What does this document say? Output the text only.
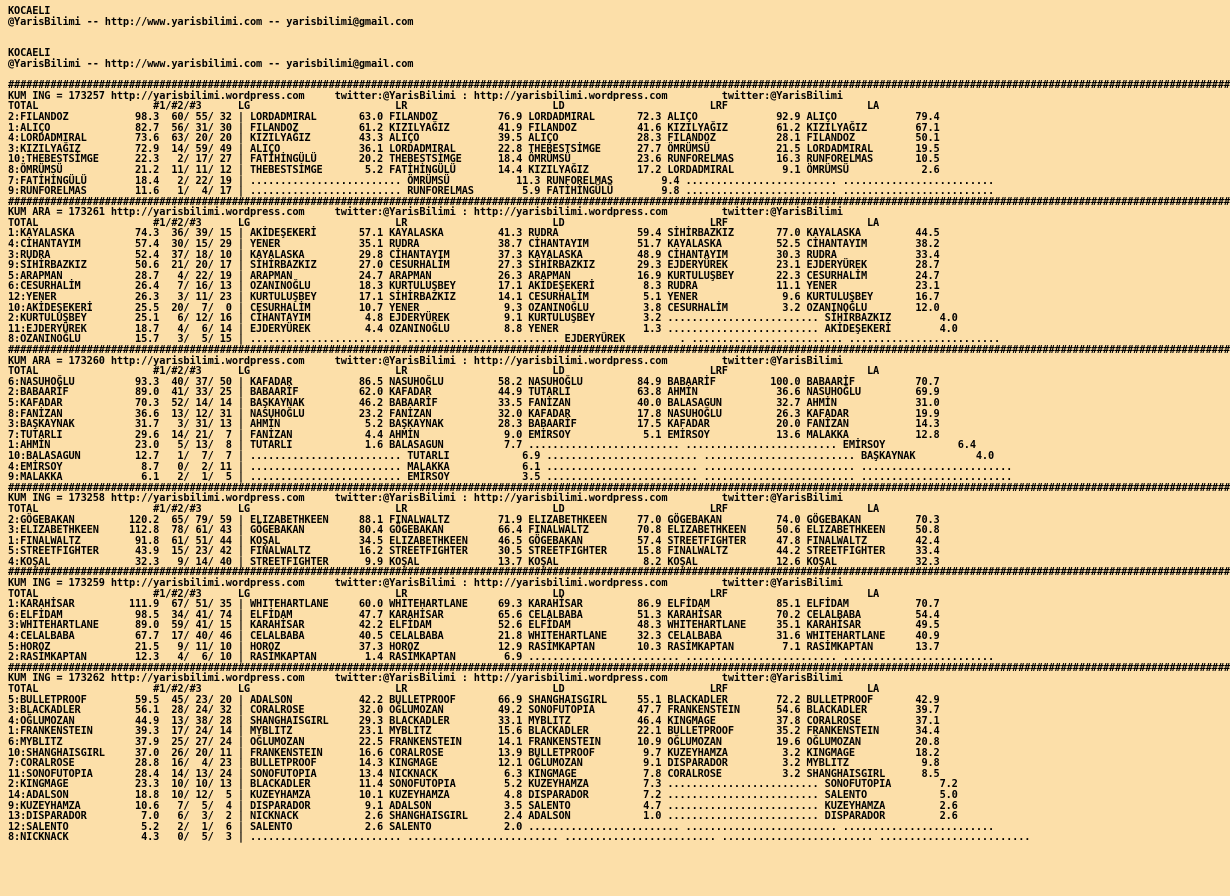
KOCAELI
@YarisBilimi -- http://www.yarisbilimi.com -- yarisbilimi@gmail.com
KOCAELI
@YarisBilimi -- http://www.yarisbilimi.com -- yarisbilimi@gmail.com
##########################################################################################################################################################################################################
KUM ING = 173257 http://yarisbilimi.wordpress.com     twitter:@YarisBilimi : http://yarisbilimi.wordpress.com         twitter:@YarisBilimi
TOTAL                   #1/#2/#3      LG                        LR                        LD                        LRF                       LA
2:FILANDOZ           98.3  60/ 55/ 32 | LORDADMIRAL       63.0 FILANDOZ          76.9 LORDADMIRAL       72.3 ALIÇO             92.9 ALIÇO             79.4
1:ALIÇO              82.7  56/ 31/ 30 | FILANDOZ          61.2 KIZILYAĞIZ        41.9 FILANDOZ          41.6 KIZILYAĞIZ        61.2 KIZILYAĞIZ        67.1
4:LORDADMIRAL        73.6  63/ 20/ 20 | KIZILYAĞIZ        43.3 ALIÇO             39.5 ALIÇO             28.3 FILANDOZ          28.1 FILANDOZ          50.1
3:KIZILYAĞIZ         72.9  14/ 59/ 49 | ALIÇO             36.1 LORDADMIRAL       22.8 THEBESTSİMGE      27.7 ÖMRÜMSÜ           21.5 LORDADMIRAL       19.5
10:THEBESTSİMGE      22.3   2/ 17/ 27 | FATİHİNGÜLÜ       20.2 THEBESTSİMGE      18.4 ÖMRÜMSÜ           23.6 RUNFORELMAS       16.3 RUNFORELMAS       10.5
8:ÖMRÜMSÜ            21.2  11/ 11/ 12 | THEBESTSİMGE       5.2 FATİHİNGÜLÜ       14.4 KIZILYAĞIZ        17.2 LORDADMIRAL        9.1 ÖMRÜMSÜ            2.6
7:FATİHİNGÜLÜ        18.4   2/ 22/ 19 | ......................... ÖMRÜMSÜ           11.3 RUNFORELMAS        9.4 ......................... .........................
9:RUNFORELMAS        11.6   1/  4/ 17 | ......................... RUNFORELMAS        5.9 FATİHİNGÜLÜ        9.8 ......................... .........................
##########################################################################################################################################################################################################
KUM ARA = 173261 http://yarisbilimi.wordpress.com     twitter:@YarisBilimi : http://yarisbilimi.wordpress.com         twitter:@YarisBilimi
TOTAL                   #1/#2/#3      LG                        LR                        LD                        LRF                       LA
1:KAYALASKA          74.3  36/ 39/ 15 | AKİDEŞEKERİ       57.1 KAYALASKA         41.3 RUDRA             59.4 SİHİRBAZKIZ       77.0 KAYALASKA         44.5
4:CİHANTAYIM         57.4  30/ 15/ 29 | YENER             35.1 RUDRA             38.7 CİHANTAYIM        51.7 KAYALASKA         52.5 CİHANTAYIM        38.2
3:RUDRA              52.4  37/ 18/ 10 | KAYALASKA         29.8 CİHANTAYIM        37.3 KAYALASKA         48.9 CİHANTAYIM        30.3 RUDRA             33.4
9:SİHİRBAZKIZ        50.6  21/ 20/ 17 | SİHİRBAZKIZ       27.0 CESURHALİM        27.3 SİHİRBAZKIZ       29.3 EJDERYÜREK        23.1 EJDERYÜREK        28.7
5:ARAPMAN            28.7   4/ 22/ 19 | ARAPMAN           24.7 ARAPMAN           26.3 ARAPMAN           16.9 KURTULUŞBEY       22.3 CESURHALİM        24.7
6:CESURHALİM         26.4   7/ 16/ 13 | OZANINOĞLU        18.3 KURTULUŞBEY       17.1 AKİDEŞEKERİ        8.3 RUDRA             11.1 YENER             23.1
12:YENER             26.3   3/ 11/ 23 | KURTULUŞBEY       17.1 SİHİRBAZKIZ       14.1 CESURHALİM         5.1 YENER              9.6 KURTULUŞBEY       16.7
10:AKİDEŞEKERİ       25.5  20/  7/  0 | CESURHALİM        10.7 YENER              9.3 OZANINOĞLU         3.8 CESURHALİM         3.2 OZANINOĞLU        12.0
2:KURTULUŞBEY        25.1   6/ 12/ 16 | CİHANTAYIM         4.8 EJDERYÜREK         9.1 KURTULUŞBEY        3.2 ......................... SİHİRBAZKIZ        4.0
11:EJDERYÜREK        18.7   4/  6/ 14 | EJDERYÜREK         4.4 OZANINOĞLU         8.8 YENER              1.3 ......................... AKİDEŞEKERİ        4.0
8:OZANINOĞLU         15.7   3/  5/ 15 | ......................... ......................... EJDERYÜREK         . ......................... .........................
##########################################################################################################################################################################################################
KUM ARA = 173260 http://yarisbilimi.wordpress.com     twitter:@YarisBilimi : http://yarisbilimi.wordpress.com         twitter:@YarisBilimi
TOTAL                   #1/#2/#3      LG                        LR                        LD                        LRF                       LA
6:NASUHOĞLU          93.3  40/ 37/ 50 | KAFADAR           86.5 NASUHOĞLU         58.2 NASUHOĞLU         84.9 BABAARİF         100.0 BABAARİF          70.7
2:BABAARİF           89.0  41/ 33/ 25 | BABAARİF          62.0 KAFADAR           44.9 TUTARLI           63.8 AHMİN             36.6 NASUHOĞLU         69.9
5:KAFADAR            70.3  52/ 14/ 14 | BAŞKAYNAK         46.2 BABAARİF          33.5 FANİZAN           40.0 BALASAGUN         32.7 AHMİN             31.0
8:FANİZAN            36.6  13/ 12/ 31 | NASUHOĞLU         23.2 FANİZAN           32.0 KAFADAR           17.8 NASUHOĞLU         26.3 KAFADAR           19.9
3:BAŞKAYNAK          31.7   3/ 31/ 13 | AHMİN              5.2 BAŞKAYNAK         28.3 BABAARİF          17.5 KAFADAR           20.0 FANİZAN           14.3
7:TUTARLI            29.6  14/ 21/  7 | FANİZAN            4.4 AHMİN              9.0 EMİRSOY            5.1 EMİRSOY           13.6 MALAKKA           12.8
1:AHMİN              23.0   5/ 13/  8 | TUTARLI            1.6 BALASAGUN          7.7 ......................... ......................... EMİRSOY            6.4
10:BALASAGUN         12.7   1/  7/  7 | ......................... TUTARLI            6.9 ......................... ......................... BAŞKAYNAK          4.0
4:EMİRSOY             8.7   0/  2/ 11 | ......................... MALAKKA            6.1 ......................... ......................... .........................
9:MALAKKA             6.1   2/  1/  5 | ......................... EMİRSOY            3.5 ......................... ......................... .........................
##########################################################################################################################################################################################################
KUM ING = 173258 http://yarisbilimi.wordpress.com     twitter:@YarisBilimi : http://yarisbilimi.wordpress.com         twitter:@YarisBilimi
TOTAL                   #1/#2/#3      LG                        LR                        LD                        LRF                       LA
2:GÖGEBAKAN         120.2  65/ 79/ 59 | ELIZABETHKEEN     88.1 FINALWALTZ        71.9 ELIZABETHKEEN     77.0 GÖGEBAKAN         74.0 GÖGEBAKAN         70.3
3:ELIZABETHKEEN     112.8  78/ 61/ 43 | GÖGEBAKAN         80.4 GÖGEBAKAN         66.4 FINALWALTZ        70.8 ELIZABETHKEEN     50.6 ELIZABETHKEEN     50.8
1:FINALWALTZ         91.8  61/ 51/ 44 | KOŞAL             34.5 ELIZABETHKEEN     46.5 GÖGEBAKAN         57.4 STREETFIGHTER     47.8 FINALWALTZ        42.4
5:STREETFIGHTER      43.9  15/ 23/ 42 | FINALWALTZ        16.2 STREETFIGHTER     30.5 STREETFIGHTER     15.8 FINALWALTZ        44.2 STREETFIGHTER     33.4
4:KOŞAL              32.3   9/ 14/ 40 | STREETFIGHTER      9.9 KOŞAL             13.7 KOŞAL              8.2 KOŞAL             12.6 KOŞAL             32.3
##########################################################################################################################################################################################################
KUM ING = 173259 http://yarisbilimi.wordpress.com     twitter:@YarisBilimi : http://yarisbilimi.wordpress.com         twitter:@YarisBilimi
TOTAL                   #1/#2/#3      LG                        LR                        LD                        LRF                       LA
1:KARAHİSAR         111.9  67/ 51/ 35 | WHITEHARTLANE     60.0 WHITEHARTLANE     69.3 KARAHİSAR         86.9 ELFİDAM           85.1 ELFİDAM           70.7
6:ELFİDAM            98.5  34/ 41/ 74 | ELFİDAM           47.7 KARAHİSAR         65.6 CELALBABA         51.3 KARAHİSAR         70.2 CELALBABA         54.4
3:WHITEHARTLANE      89.0  59/ 41/ 15 | KARAHİSAR         42.2 ELFİDAM           52.6 ELFİDAM           48.3 WHITEHARTLANE     35.1 KARAHİSAR         49.5
4:CELALBABA          67.7  17/ 40/ 46 | CELALBABA         40.5 CELALBABA         21.8 WHITEHARTLANE     32.3 CELALBABA         31.6 WHITEHARTLANE     40.9
5:HOROZ              21.5   9/ 11/ 10 | HOROZ             37.3 HOROZ             12.9 RASİMKAPTAN       10.3 RASİMKAPTAN        7.1 RASİMKAPTAN       13.7
2:RASİMKAPTAN        12.3   4/  6/ 10 | RASİMKAPTAN        1.4 RASİMKAPTAN        6.9 ......................... ......................... .........................
##########################################################################################################################################################################################################
KUM ING = 173262 http://yarisbilimi.wordpress.com     twitter:@YarisBilimi : http://yarisbilimi.wordpress.com         twitter:@YarisBilimi
TOTAL                   #1/#2/#3      LG                        LR                        LD                        LRF                       LA
5:BULLETPROOF        59.5  45/ 23/ 20 | ADALSON           42.2 BULLETPROOF       66.9 SHANGHAISGIRL     55.1 BLACKADLER        72.2 BULLETPROOF       42.9
3:BLACKADLER         56.1  28/ 24/ 32 | CORALROSE         32.0 OĞLUMOZAN         49.2 SONOFUTOPIA       47.7 FRANKENSTEIN      54.6 BLACKADLER        39.7
4:OĞLUMOZAN          44.9  13/ 38/ 28 | SHANGHAISGIRL     29.3 BLACKADLER        33.1 MYBLITZ           46.4 KINGMAGE          37.8 CORALROSE         37.1
1:FRANKENSTEIN       39.3  17/ 24/ 14 | MYBLITZ           23.1 MYBLITZ           15.6 BLACKADLER        22.1 BULLETPROOF       35.2 FRANKENSTEIN      34.4
6:MYBLITZ            37.9  25/ 27/ 24 | OĞLUMOZAN         22.5 FRANKENSTEIN      14.1 FRANKENSTEIN      10.9 OĞLUMOZAN         19.6 OĞLUMOZAN         20.8
10:SHANGHAISGIRL     37.0  26/ 20/ 11 | FRANKENSTEIN      16.6 CORALROSE         13.9 BULLETPROOF        9.7 KUZEYHAMZA         3.2 KINGMAGE          18.2
7:CORALROSE          28.8  16/  4/ 23 | BULLETPROOF       14.3 KINGMAGE          12.1 OĞLUMOZAN          9.1 DISPARADOR         3.2 MYBLITZ            9.8
11:SONOFUTOPIA       28.4  14/ 13/ 24 | SONOFUTOPIA       13.4 NICKNACK           6.3 KINGMAGE           7.8 CORALROSE          3.2 SHANGHAISGIRL      8.5
2:KINGMAGE           23.3  10/ 10/ 13 | BLACKADLER        11.4 SONOFUTOPIA        5.2 KUZEYHAMZA         7.3 ......................... SONOFUTOPIA        7.2
14:ADALSON           18.8  10/ 12/  5 | KUZEYHAMZA        10.1 KUZEYHAMZA         4.8 DISPARADOR         7.2 ......................... SALENTO            5.0
9:KUZEYHAMZA         10.6   7/  5/  4 | DISPARADOR         9.1 ADALSON            3.5 SALENTO            4.7 ......................... KUZEYHAMZA         2.6
13:DISPARADOR         7.0   6/  3/  2 | NICKNACK           2.6 SHANGHAISGIRL      2.4 ADALSON            1.0 ......................... DISPARADOR         2.6
12:SALENTO            5.2   2/  1/  6 | SALENTO            2.6 SALENTO            2.0 ......................... ......................... .........................
8:NICKNACK            4.3   0/  5/  3 | ......................... ......................... ......................... ......................... .........................
